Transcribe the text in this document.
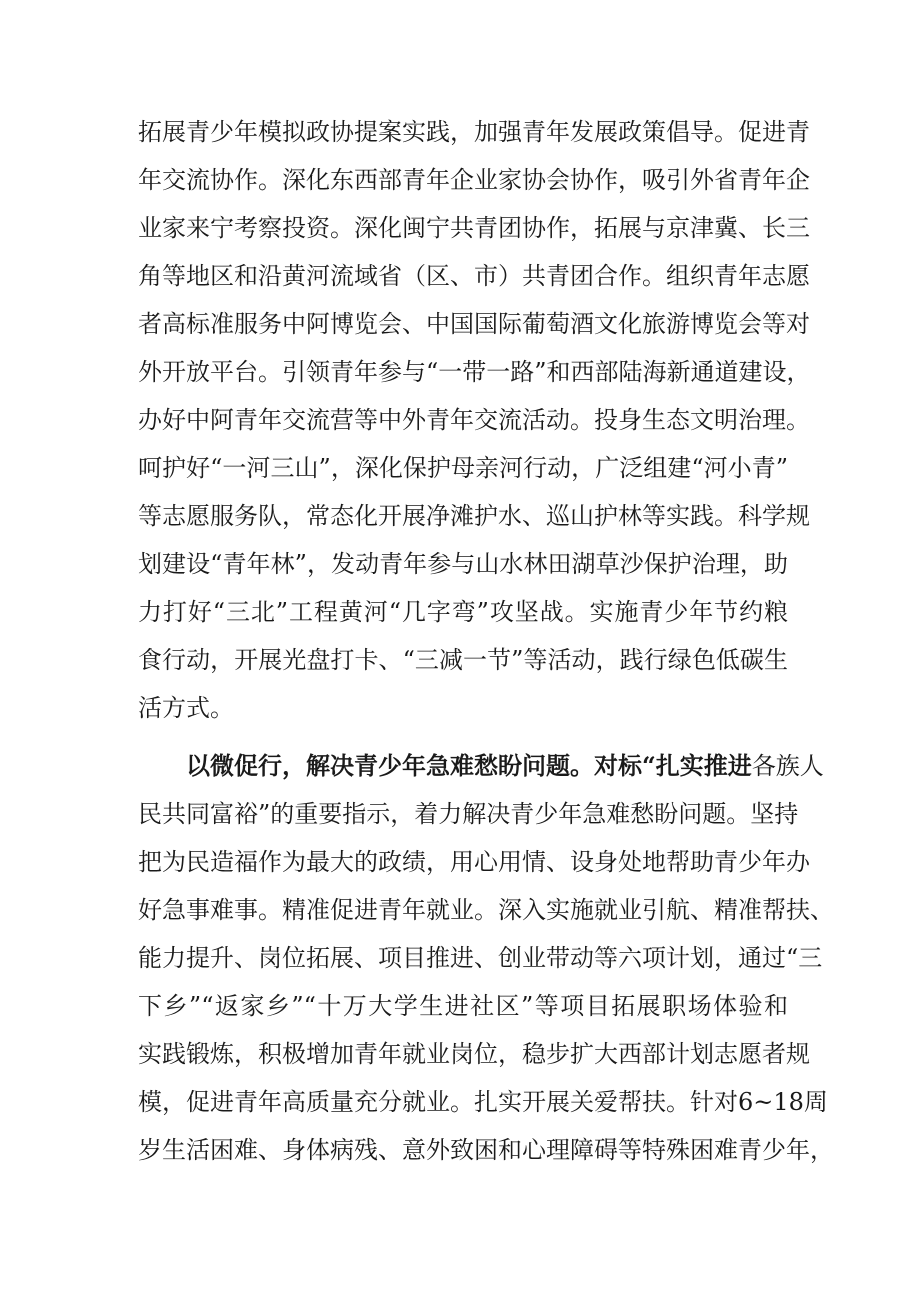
拓展青少年模拟政协提案实践，加强青年发展政策倡导。促进青
年交流协作。深化东西部青年企业家协会协作，吸引外省青年企
业家来宁考察投资。深化闽宁共青团协作，拓展与京津冀、长三
角等地区和沿黄河流域省（区、市）共青团合作。组织青年志愿
者高标准服务中阿博览会、中国国际葡萄酒文化旅游博览会等对
外开放平台。引领青年参与“一带一路”和西部陆海新通道建设，
办好中阿青年交流营等中外青年交流活动。投身生态文明治理。
呵护好“一河三山”，深化保护母亲河行动，广泛组建“河小青”
等志愿服务队，常态化开展净滩护水、巡山护林等实践。科学规
划建设“青年林”，发动青年参与山水林田湖草沙保护治理，助
力打好“三北”工程黄河“几字弯”攻坚战。实施青少年节约粮
食行动，开展光盘打卡、“三减一节”等活动，践行绿色低碳生
活方式。
以微促行，解决青少年急难愁盼问题。对标“扎实推进各族人
民共同富裕”的重要指示，着力解决青少年急难愁盼问题。坚持
把为民造福作为最大的政绩，用心用情、设身处地帮助青少年办
好急事难事。精准促进青年就业。深入实施就业引航、精准帮扶、
能力提升、岗位拓展、项目推进、创业带动等六项计划，通过“三
下乡”“返家乡”“十万大学生进社区”等项目拓展职场体验和
实践锻炼，积极增加青年就业岗位，稳步扩大西部计划志愿者规
模，促进青年高质量充分就业。扎实开展关爱帮扶。针对6~18周
岁生活困难、身体病残、意外致困和心理障碍等特殊困难青少年，
